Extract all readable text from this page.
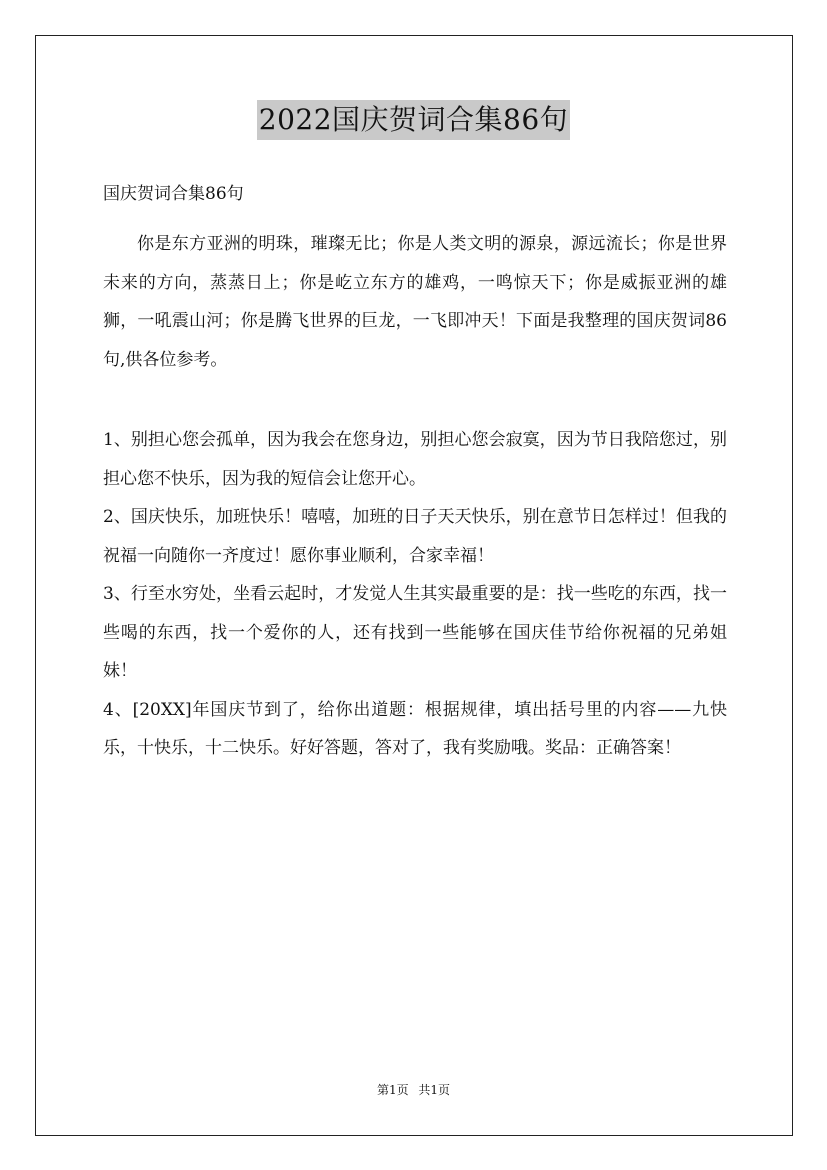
2022国庆贺词合集86句
国庆贺词合集86句

你是东方亚洲的明珠，璀璨无比；你是人类文明的源泉，源远流长；你是世界未来的方向，蒸蒸日上；你是屹立东方的雄鸡，一鸣惊天下；你是威振亚洲的雄狮，一吼震山河；你是腾飞世界的巨龙，一飞即冲天！下面是我整理的国庆贺词86句,供各位参考。

1、别担心您会孤单，因为我会在您身边，别担心您会寂寞，因为节日我陪您过，别担心您不快乐，因为我的短信会让您开心。

2、国庆快乐，加班快乐！嘻嘻，加班的日子天天快乐，别在意节日怎样过！但我的祝福一向随你一齐度过！愿你事业顺利，合家幸福！

3、行至水穷处，坐看云起时，才发觉人生其实最重要的是：找一些吃的东西，找一些喝的东西，找一个爱你的人，还有找到一些能够在国庆佳节给你祝福的兄弟姐妹！

4、[20XX]年国庆节到了，给你出道题：根据规律，填出括号里的内容——九快乐，十快乐，十二快乐。好好答题，答对了，我有奖励哦。奖品：正确答案！

第1页 共1页
